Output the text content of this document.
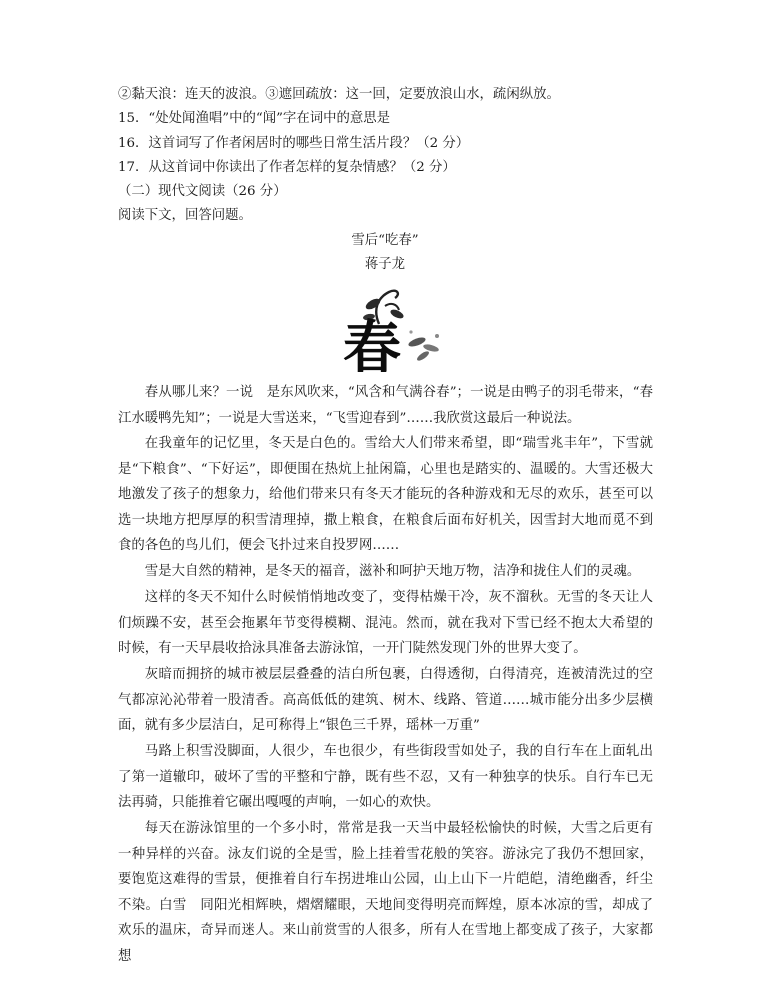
②黏天浪：连天的波浪。③遮回疏放：这一回，定要放浪山水，疏闲纵放。
15．“处处闻渔唱”中的“闻”字在词中的意思是
16．这首词写了作者闲居时的哪些日常生活片段？（2 分）
17．从这首词中你读出了作者怎样的复杂情感？（2 分）
（二）现代文阅读（26 分）
阅读下文，回答问题。
雪后“吃春”
蒋子龙
春
春从哪儿来？一说　是东风吹来，“风含和气满谷春”；一说是由鸭子的羽毛带来，“春江水暖鸭先知”；一说是大雪送来，“飞雪迎春到”……我欣赏这最后一种说法。
在我童年的记忆里，冬天是白色的。雪给大人们带来希望，即“瑞雪兆丰年”，下雪就是“下粮食”、“下好运”，即便围在热炕上扯闲篇，心里也是踏实的、温暖的。大雪还极大地激发了孩子的想象力，给他们带来只有冬天才能玩的各种游戏和无尽的欢乐，甚至可以选一块地方把厚厚的积雪清理掉，撒上粮食，在粮食后面布好机关，因雪封大地而觅不到食的各色的鸟儿们，便会飞扑过来自投罗网……
雪是大自然的精神，是冬天的福音，滋补和呵护天地万物，洁净和拢住人们的灵魂。
这样的冬天不知什么时候悄悄地改变了，变得枯燥干冷，灰不溜秋。无雪的冬天让人们烦躁不安，甚至会拖累年节变得模糊、混沌。然而，就在我对下雪已经不抱太大希望的时候，有一天早晨收拾泳具准备去游泳馆，一开门陡然发现门外的世界大变了。
灰暗而拥挤的城市被层层叠叠的洁白所包裹，白得透彻，白得清亮，连被清洗过的空气都凉沁沁带着一股清香。高高低低的建筑、树木、线路、管道……城市能分出多少层横面，就有多少层洁白，足可称得上“银色三千界，瑶林一万重”
马路上积雪没脚面，人很少，车也很少，有些街段雪如处子，我的自行车在上面轧出了第一道辙印，破坏了雪的平整和宁静，既有些不忍，又有一种独享的快乐。自行车已无法再骑，只能推着它碾出嘎嘎的声响，一如心的欢快。
每天在游泳馆里的一个多小时，常常是我一天当中最轻松愉快的时候，大雪之后更有一种异样的兴奋。泳友们说的全是雪，脸上挂着雪花般的笑容。游泳完了我仍不想回家，要饱览这难得的雪景，便推着自行车拐进堆山公园，山上山下一片皑皑，清绝幽香，纤尘不染。白雪　同阳光相辉映，熠熠耀眼，天地间变得明亮而辉煌，原本冰凉的雪，却成了欢乐的温床，奇异而迷人。来山前赏雪的人很多，所有人在雪地上都变成了孩子，大家都想
